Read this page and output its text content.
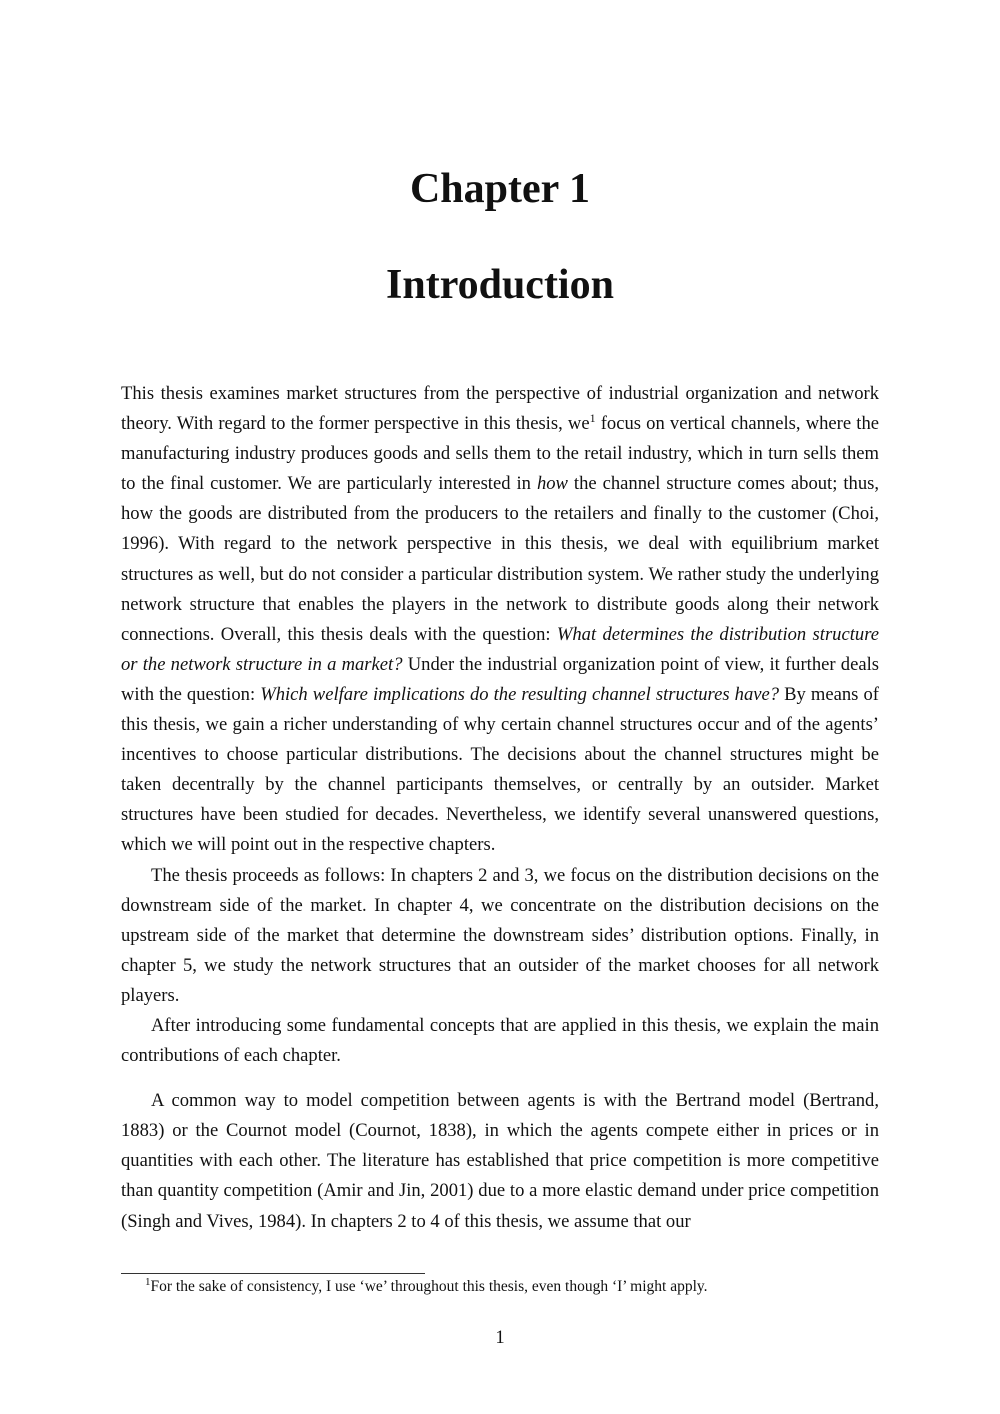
Chapter 1
Introduction

This thesis examines market structures from the perspective of industrial organization and network theory. With regard to the former perspective in this thesis, $we^1$ focus on vertical channels, where the manufacturing industry produces goods and sells them to the retail industry, which in turn sells them to the final customer. We are particularly interested in how the channel structure comes about; thus, how the goods are distributed from the producers to the retailers and finally to the customer (Choi, 1996). With regard to the network perspective in this thesis, we deal with equilibrium market structures as well, but do not consider a particular distribution system. We rather study the underlying network structure that enables the players in the network to distribute goods along their network connections. Overall, this thesis deals with the question: What determines the distribution structure or the network structure in a market? Under the industrial organization point of view, it further deals with the question: Which welfare implications do the resulting channel structures have? By means of this thesis, we gain a richer understanding of why certain channel structures occur and of the agents’ incentives to choose particular distributions. The decisions about the channel structures might be taken decentrally by the channel participants themselves, or centrally by an outsider. Market structures have been studied for decades. Nevertheless, we identify several unanswered questions, which we will point out in the respective chapters.

The thesis proceeds as follows: In chapters 2 and 3, we focus on the distribution decisions on the downstream side of the market. In chapter 4, we concentrate on the distribution decisions on the upstream side of the market that determine the downstream sides’ distribution options. Finally, in chapter 5, we study the network structures that an outsider of the market chooses for all network players.

After introducing some fundamental concepts that are applied in this thesis, we explain the main contributions of each chapter.

A common way to model competition between agents is with the Bertrand model (Bertrand, 1883) or the Cournot model (Cournot, 1838), in which the agents compete either in prices or in quantities with each other. The literature has established that price competition is more competitive than quantity competition (Amir and Jin, 2001) due to a more elastic demand under price competition (Singh and Vives, 1984). In chapters 2 to 4 of this thesis, we assume that our

$^1$For the sake of consistency, I use ‘we’ throughout this thesis, even though ‘I’ might apply.
1
